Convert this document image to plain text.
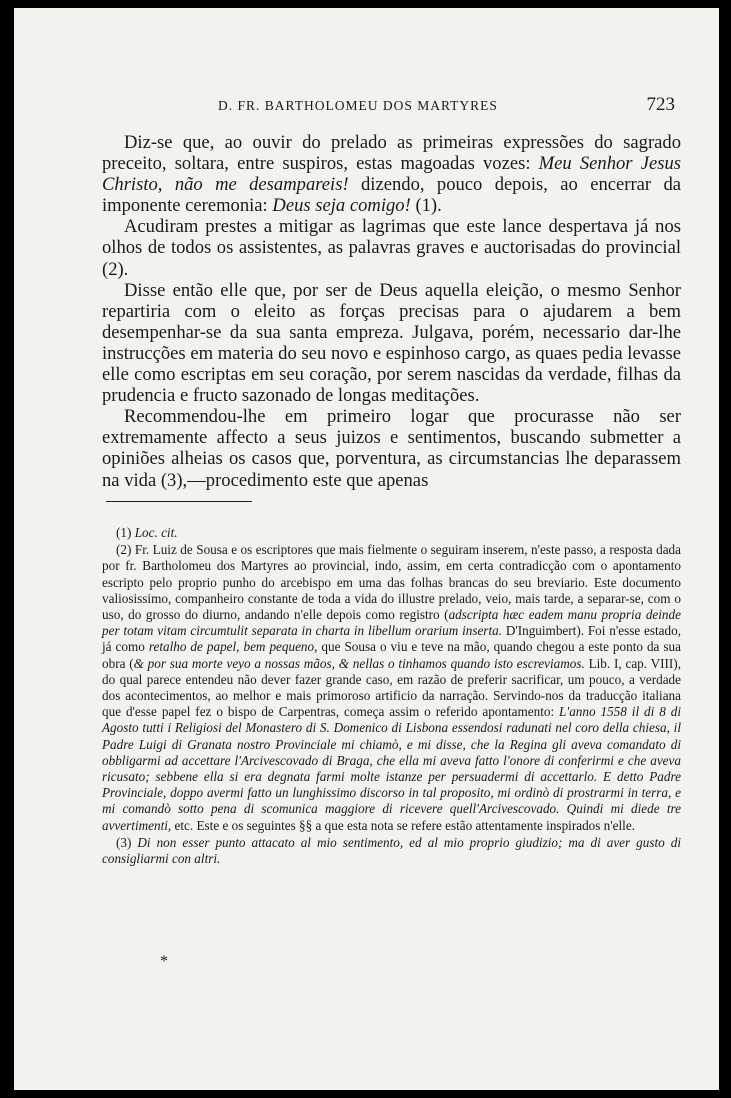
D. FR. BARTHOLOMEU DOS MARTYRES	723

Diz-se que, ao ouvir do prelado as primeiras expressões do sagrado preceito, soltara, entre suspiros, estas magoadas vozes: Meu Senhor Jesus Christo, não me desampareis! dizendo, pouco depois, ao encerrar da imponente ceremonia: Deus seja comigo! (1).

Acudiram prestes a mitigar as lagrimas que este lance despertava já nos olhos de todos os assistentes, as palavras graves e auctorisadas do provincial (2).

Disse então elle que, por ser de Deus aquella eleição, o mesmo Senhor repartiria com o eleito as forças precisas para o ajudarem a bem desempenhar-se da sua santa empreza. Julgava, porém, necessario dar-lhe instrucções em materia do seu novo e espinhoso cargo, as quaes pedia levasse elle como escriptas em seu coração, por serem nascidas da verdade, filhas da prudencia e fructo sazonado de longas meditações.

Recommendou-lhe em primeiro logar que procurasse não ser extremamente affecto a seus juizos e sentimentos, buscando submetter a opiniões alheias os casos que, porventura, as circumstancias lhe deparassem na vida (3),—procedimento este que apenas

(1) Loc. cit.

(2) Fr. Luiz de Sousa e os escriptores que mais fielmente o seguiram inserem, n'este passo, a resposta dada por fr. Bartholomeu dos Martyres ao provincial, indo, assim, em certa contradicção com o apontamento escripto pelo proprio punho do arcebispo em uma das folhas brancas do seu breviario. Este documento valiosissimo, companheiro constante de toda a vida do illustre prelado, veio, mais tarde, a separar-se, com o uso, do grosso do diurno, andando n'elle depois como registro (adscripta hæc eadem manu propria deinde per totam vitam circumtulit separata in charta in libellum orarium inserta. D'Inguimbert). Foi n'esse estado, já como retalho de papel, bem pequeno, que Sousa o viu e teve na mão, quando chegou a este ponto da sua obra (& por sua morte veyo a nossas mãos, & nellas o tinhamos quando isto escreviamos. Lib. I, cap. VIII), do qual parece entendeu não dever fazer grande caso, em razão de preferir sacrificar, um pouco, a verdade dos acontecimentos, ao melhor e mais primoroso artificio da narração. Servindo-nos da traducção italiana que d'esse papel fez o bispo de Carpentras, começa assim o referido apontamento: L'anno 1558 il di 8 di Agosto tutti i Religiosi del Monastero di S. Domenico di Lisbona essendosi radunati nel coro della chiesa, il Padre Luigi di Granata nostro Provinciale mi chiamò, e mi disse, che la Regina gli aveva comandato di obbligarmi ad accettare l'Arcivescovado di Braga, che ella mi aveva fatto l'onore di conferirmi e che aveva ricusato; sebbene ella si era degnata farmi molte istanze per persuadermi di accettarlo. E detto Padre Provinciale, doppo avermi fatto un lunghissimo discorso in tal proposito, mi ordinò di prostrarmi in terra, e mi comandò sotto pena di scomunica maggiore di ricevere quell'Arcivescovado. Quindi mi diede tre avvertimenti, etc. Este e os seguintes §§ a que esta nota se refere estão attentamente inspirados n'elle.

(3) Di non esser punto attacato al mio sentimento, ed al mio proprio giudizio; ma di aver gusto di consigliarmi con altri.

*
